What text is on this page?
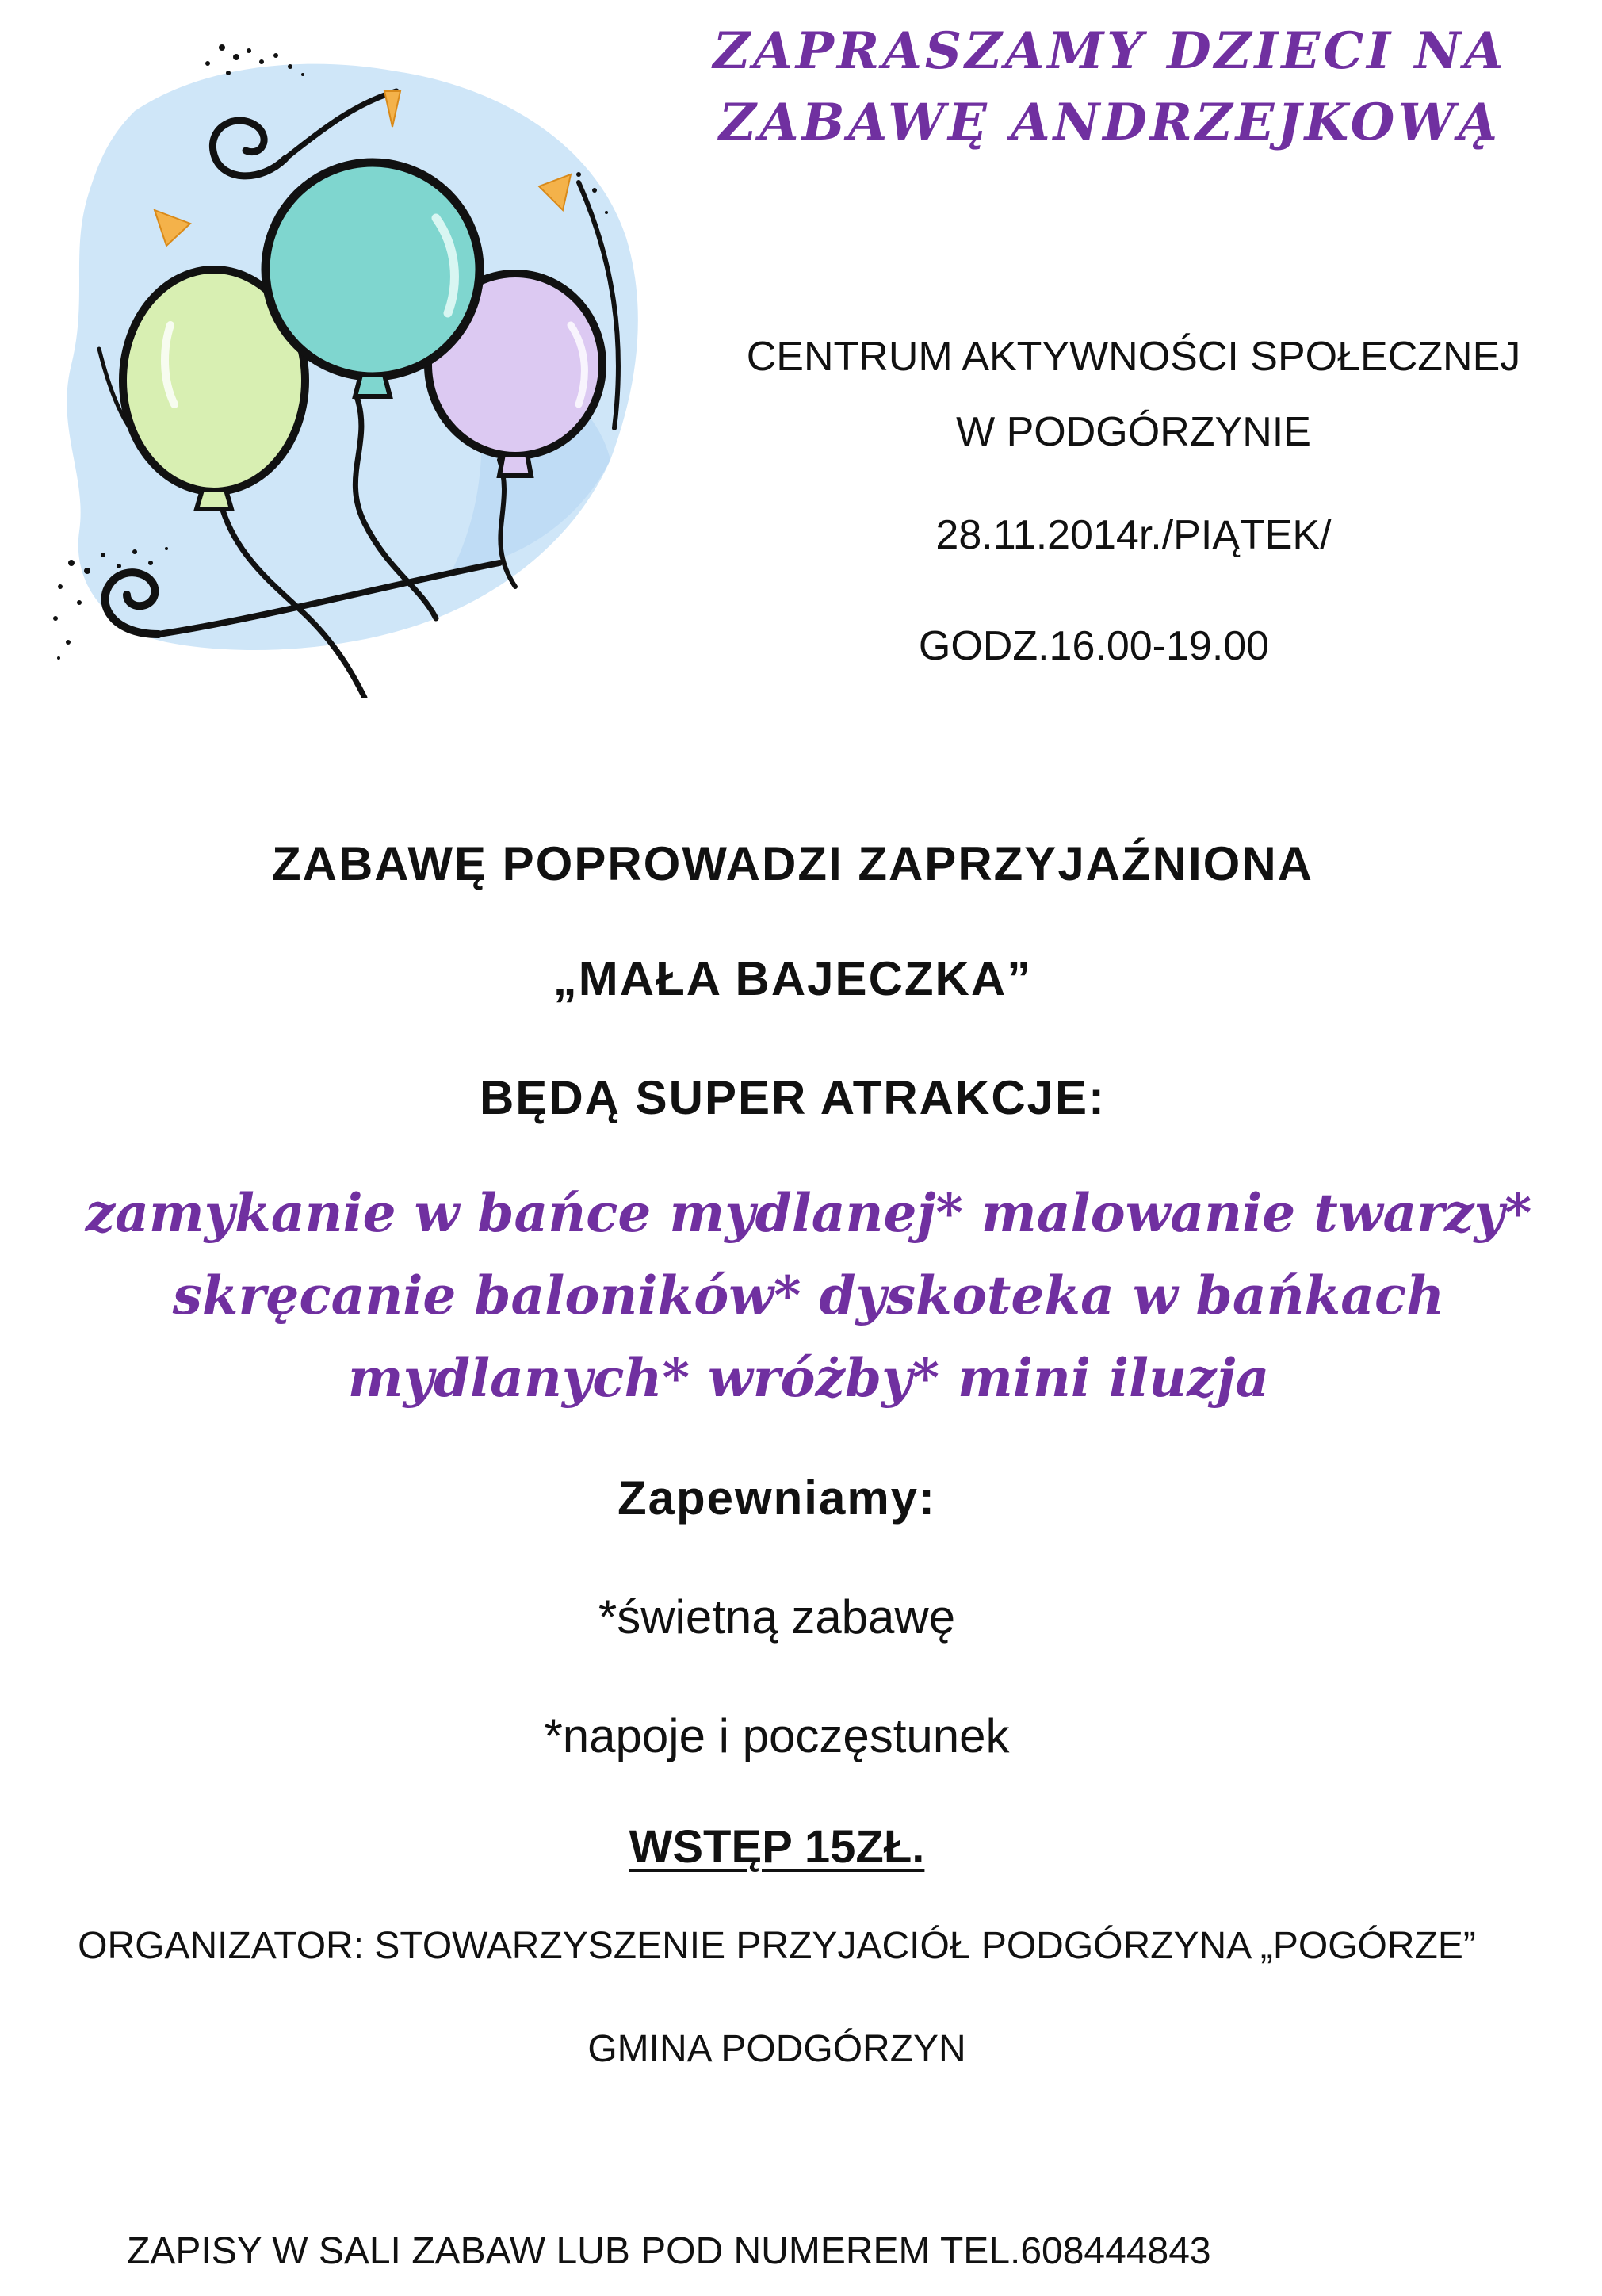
ZAPRASZAMY DZIECI NA
ZABAWĘ ANDRZEJKOWĄ
CENTRUM AKTYWNOŚCI SPOŁECZNEJ
W PODGÓRZYNIE
28.11.2014r./PIĄTEK/
GODZ.16.00-19.00
ZABAWĘ POPROWADZI ZAPRZYJAŹNIONA
„MAŁA BAJECZKA”
BĘDĄ SUPER ATRAKCJE:
zamykanie w bańce mydlanej* malowanie twarzy*
skręcanie baloników* dyskoteka w bańkach
mydlanych* wróżby* mini iluzja
Zapewniamy:
*świetną zabawę
*napoje i poczęstunek
WSTĘP 15ZŁ.
ORGANIZATOR: STOWARZYSZENIE PRZYJACIÓŁ PODGÓRZYNA „POGÓRZE”
GMINA PODGÓRZYN
ZAPISY W SALI ZABAW LUB POD NUMEREM TEL.608444843
